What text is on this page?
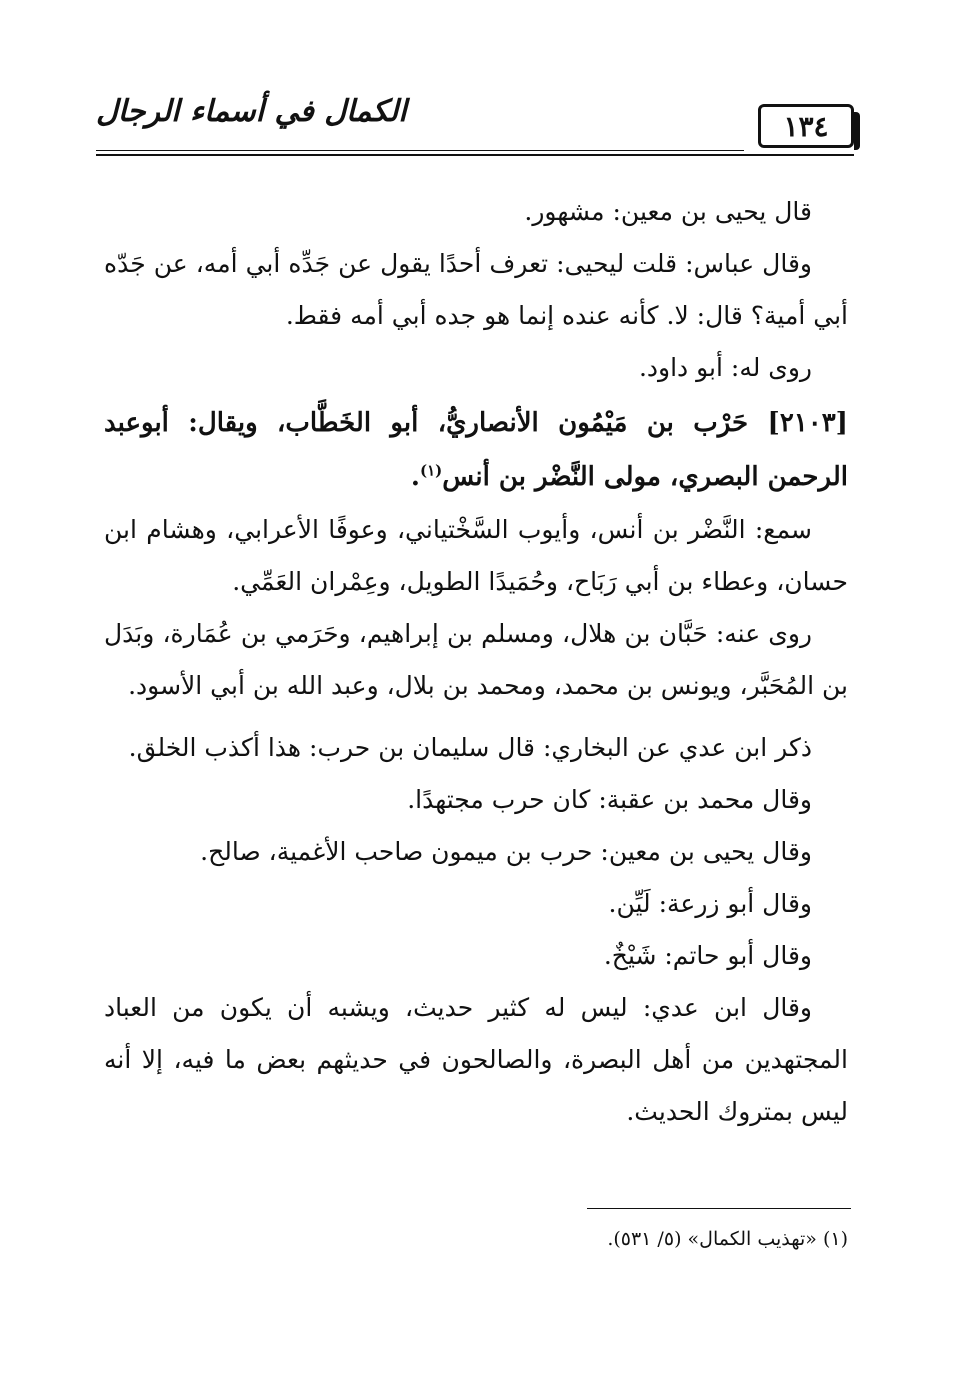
١٣٤
الكمال في أسماء الرجال

قال يحيى بن معين: مشهور.

وقال عباس: قلت ليحيى: تعرف أحدًا يقول عن جَدِّه أبي أمه، عن جَدّه أبي أمية؟ قال: لا. كأنه عنده إنما هو جده أبي أمه فقط.

روى له: أبو داود.

[٢١٠٣] حَرْب بن مَيْمُون الأنصاريُّ، أبو الخَطَّاب، ويقال: أبوعبد الرحمن البصري، مولى النَّضْر بن أنس$^{(١)}$.

سمع: النَّضْر بن أنس، وأيوب السَّخْتياني، وعوفًا الأعرابي، وهشام ابن حسان، وعطاء بن أبي رَبَاح، وحُمَيدًا الطويل، وعِمْران العَمِّي.

روى عنه: حَبَّان بن هلال، ومسلم بن إبراهيم، وحَرَمي بن عُمَارة، وبَدَل بن المُحَبَّر، ويونس بن محمد، ومحمد بن بلال، وعبد الله بن أبي الأسود.

ذكر ابن عدي عن البخاري: قال سليمان بن حرب: هذا أكذب الخلق.

وقال محمد بن عقبة: كان حرب مجتهدًا.

وقال يحيى بن معين: حرب بن ميمون صاحب الأغمية، صالح.

وقال أبو زرعة: لَيِّن.

وقال أبو حاتم: شَيْخٌ.

وقال ابن عدي: ليس له كثير حديث، ويشبه أن يكون من العباد المجتهدين من أهل البصرة، والصالحون في حديثهم بعض ما فيه، إلا أنه ليس بمتروك الحديث.

(١) «تهذيب الكمال» (٥/ ٥٣١).
